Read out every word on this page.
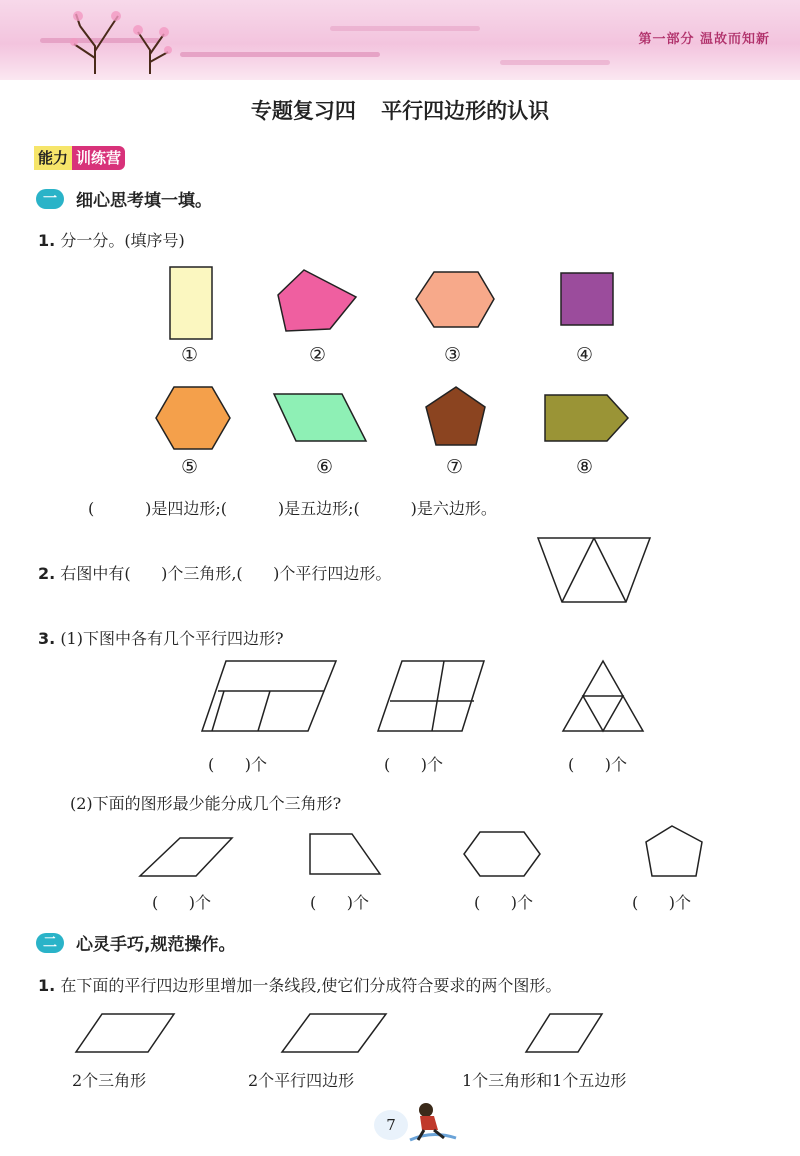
第一部分 温故而知新
专题复习四 平行四边形的认识
能力 训练营
一	细心思考填一填。
1. 分一分。(填序号)
①	②	③	④
⑤	⑥	⑦	⑧
(          )是四边形;(          )是五边形;(          )是六边形。
2. 右图中有(      )个三角形,(      )个平行四边形。
3. (1)下图中各有几个平行四边形?
(      )个	(      )个	(      )个
(2)下面的图形最少能分成几个三角形?
(      )个	(      )个	(      )个	(      )个
二	心灵手巧,规范操作。
1. 在下面的平行四边形里增加一条线段,使它们分成符合要求的两个图形。
2个三角形	2个平行四边形	1个三角形和1个五边形
7
